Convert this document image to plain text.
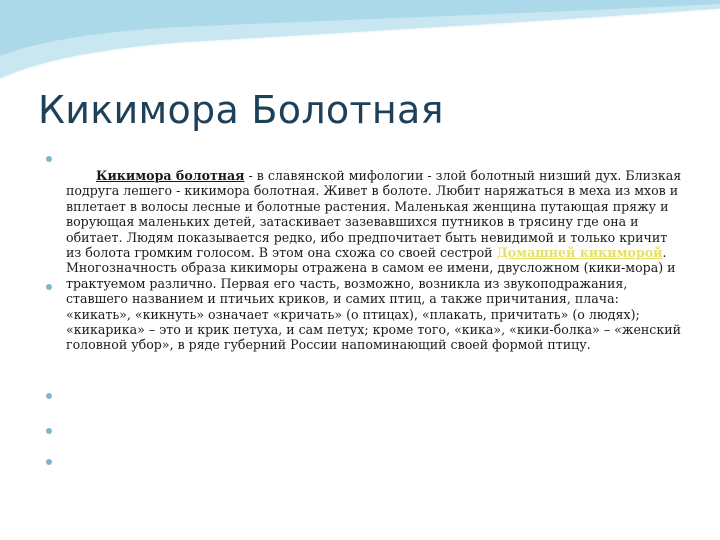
Кикимора Болотная

Кикимора болотная - в славянской мифологии - злой болотный низший дух. Близкая подруга лешего - кикимора болотная. Живет в болоте. Любит наряжаться в меха из мхов и вплетает в волосы лесные и болотные растения. Маленькая женщина путающая пряжу и ворующая маленьких детей, затаскивает зазевавшихся путников в трясину где она и обитает. Людям показывается редко, ибо предпочитает быть невидимой и только кричит из болота громким голосом. В этом она схожа со своей сестрой Домашней кикиморой.

Многозначность образа кикиморы отражена в самом ее имени, двусложном (кики-мора) и трактуемом различно. Первая его часть, возможно, возникла из звукоподражания, ставшего названием и птичьих криков, и самих птиц, а также причитания, плача: «кикать», «кикнуть» означает «кричать» (о птицах), «плакать, причитать» (о людях); «кикарика» – это и крик петуха, и сам петух; кроме того, «кика», «кики-болка» – «женский головной убор», в ряде губерний России напоминающий своей формой птицу.
